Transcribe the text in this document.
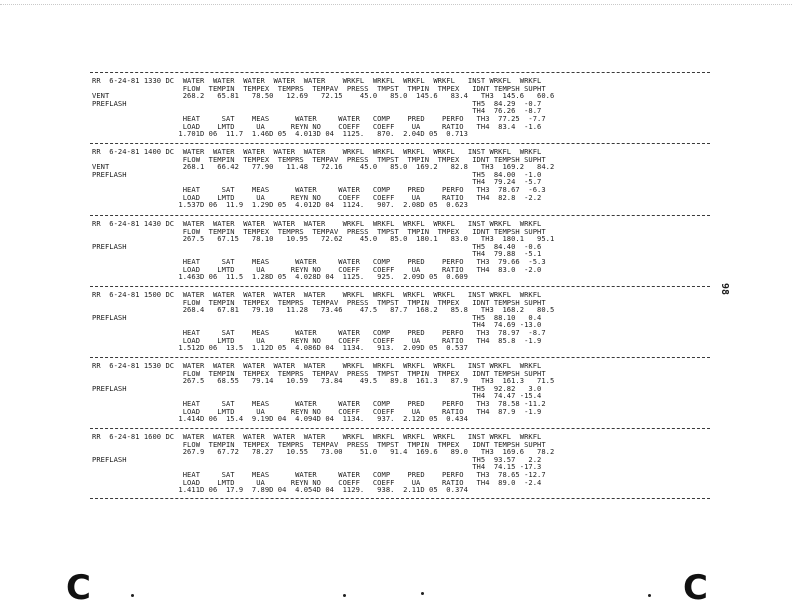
RR  6-24-81 1330 DC  WATER  WATER  WATER  WATER  WATER    WRKFL  WRKFL  WRKFL  WRKFL   INST WRKFL  WRKFL
FLOW  TEMPIN  TEMPEX  TEMPRS  TEMPAV  PRESS  TMPST  TMPIN  TMPEX   IDNT TEMPSH SUPHT
VENT                 268.2   65.81   78.50   12.69   72.15    45.0   85.0  145.6   83.4   TH3  145.6   60.6
PREFLASH                                                                                TH5  84.29  -0.7
TH4  76.26  -8.7
HEAT     SAT    MEAS      WATER     WATER   COMP    PRED    PERFO   TH3  77.25  -7.7
LOAD    LMTD     UA      REYN NO    COEFF   COEFF    UA     RATIO   TH4  83.4  -1.6
1.701D 06  11.7  1.46D 05  4.013D 04  1125.   870.  2.04D 05  0.713
RR  6-24-81 1400 DC  WATER  WATER  WATER  WATER  WATER    WRKFL  WRKFL  WRKFL  WRKFL   INST WRKFL  WRKFL
FLOW  TEMPIN  TEMPEX  TEMPRS  TEMPAV  PRESS  TMPST  TMPIN  TMPEX   IDNT TEMPSH SUPHT
VENT                 268.1   66.42   77.90   11.48   72.16    45.0   85.0  169.2   82.8   TH3  169.2   84.2
PREFLASH                                                                                TH5  84.00  -1.0
TH4  79.24  -5.7
HEAT     SAT    MEAS      WATER     WATER   COMP    PRED    PERFO   TH3  78.67  -6.3
LOAD    LMTD     UA      REYN NO    COEFF   COEFF    UA     RATIO   TH4  82.8  -2.2
1.537D 06  11.9  1.29D 05  4.012D 04  1124.   907.  2.08D 05  0.623
RR  6-24-81 1430 DC  WATER  WATER  WATER  WATER  WATER    WRKFL  WRKFL  WRKFL  WRKFL   INST WRKFL  WRKFL
FLOW  TEMPIN  TEMPEX  TEMPRS  TEMPAV  PRESS  TMPST  TMPIN  TMPEX   IDNT TEMPSH SUPHT
267.5   67.15   78.10   10.95   72.62    45.0   85.0  180.1   83.0   TH3  180.1   95.1
PREFLASH                                                                                TH5  84.40  -0.6
TH4  79.88  -5.1
HEAT     SAT    MEAS      WATER     WATER   COMP    PRED    PERFO   TH3  79.66  -5.3
LOAD    LMTD     UA      REYN NO    COEFF   COEFF    UA     RATIO   TH4  83.0  -2.0
1.463D 06  11.5  1.28D 05  4.028D 04  1125.   925.  2.09D 05  0.609
RR  6-24-81 1500 DC  WATER  WATER  WATER  WATER  WATER    WRKFL  WRKFL  WRKFL  WRKFL   INST WRKFL  WRKFL
FLOW  TEMPIN  TEMPEX  TEMPRS  TEMPAV  PRESS  TMPST  TMPIN  TMPEX   IDNT TEMPSH SUPHT
268.4   67.81   79.10   11.28   73.46    47.5   87.7  168.2   85.8   TH3  168.2   80.5
PREFLASH                                                                                TH5  88.10   0.4
TH4  74.69 -13.0
HEAT     SAT    MEAS      WATER     WATER   COMP    PRED    PERFO   TH3  78.97  -8.7
LOAD    LMTD     UA      REYN NO    COEFF   COEFF    UA     RATIO   TH4  85.8  -1.9
1.512D 06  13.5  1.12D 05  4.086D 04  1134.   913.  2.09D 05  0.537
RR  6-24-81 1530 DC  WATER  WATER  WATER  WATER  WATER    WRKFL  WRKFL  WRKFL  WRKFL   INST WRKFL  WRKFL
FLOW  TEMPIN  TEMPEX  TEMPRS  TEMPAV  PRESS  TMPST  TMPIN  TMPEX   IDNT TEMPSH SUPHT
267.5   68.55   79.14   10.59   73.84    49.5   89.8  161.3   87.9   TH3  161.3   71.5
PREFLASH                                                                                TH5  92.82   3.0
TH4  74.47 -15.4
HEAT     SAT    MEAS      WATER     WATER   COMP    PRED    PERFO   TH3  78.58 -11.2
LOAD    LMTD     UA      REYN NO    COEFF   COEFF    UA     RATIO   TH4  87.9  -1.9
1.414D 06  15.4  9.19D 04  4.094D 04  1134.   937.  2.12D 05  0.434
RR  6-24-81 1600 DC  WATER  WATER  WATER  WATER  WATER    WRKFL  WRKFL  WRKFL  WRKFL   INST WRKFL  WRKFL
FLOW  TEMPIN  TEMPEX  TEMPRS  TEMPAV  PRESS  TMPST  TMPIN  TMPEX   IDNT TEMPSH SUPHT
267.9   67.72   78.27   10.55   73.00    51.0   91.4  169.6   89.0   TH3  169.6   78.2
PREFLASH                                                                                TH5  93.57   2.2
TH4  74.15 -17.3
HEAT     SAT    MEAS      WATER     WATER   COMP    PRED    PERFO   TH3  78.65 -12.7
LOAD    LMTD     UA      REYN NO    COEFF   COEFF    UA     RATIO   TH4  89.0  -2.4
1.411D 06  17.9  7.89D 04  4.054D 04  1129.   938.  2.11D 05  0.374
98
C	C
